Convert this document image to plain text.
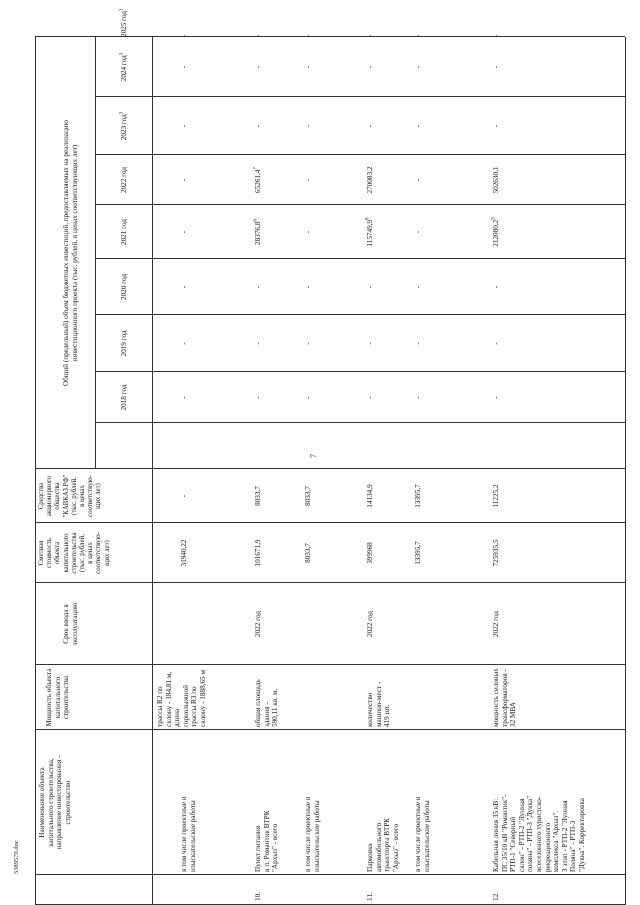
Наименование объекта
капитального строительства,
направление инвестирования -
строительство
Мощность объекта
капитального
строительства
Срок ввода в
эксплуатацию
Сметная
стоимость
объекта
капитального
строительства
(тыс. рублей,
в ценах
соответствую-
щих лет)
Средства
акционерного
общества
"КАВКАЗ.РФ"
(тыс. рублей,
в ценах
соответствую-
щих лет)
Общий (предельный) объем бюджетных инвестиций, предоставляемых на реализацию
инвестиционного проекта (тыс. рублей, в ценах соответствующих лет)
2018 год
2019 год
2020 год
2021 год
2022 год
2023 год$^3$
2024 год$^3$
2025 год$^3$
трассы R2 по
склону - 184,81 м,
длина
горнолыжной
трассы R3 по
склону - 1888,65 м
в том числе проектные и
изыскательские работы
31940,22
-
-
-
-
-
-
-
-
-
10.
Пункт питания
в п. Романтик ВТРК
"Архыз" - всего
общая площадь
здания -
590,11 кв. м.
2022 год
101671,9
8033,7
-
-
-
28376,8$^6$
65261,4$^7$
-
-
-
в том числе проектные и
изыскательские работы
8033,7
8033,7
-
-
-
-
-
-
-
-
11.
Парковка
автомобильного
транспорта ВТРК
"Архыз" - всего
количество
машино-мест -
419 шт.
2022 год
399968
14134,9
-
-
-
115749,9$^8$
270083,2
-
-
-
в том числе проектные и
изыскательские работы
13395,7
13395,7
-
-
-
-
-
-
-
-
12.
Кабельная линия 35 кВ:
ПС 35/10 кВ "Романтик"-
РТП-1 "Северный
склон" - РТП-2 "Лунная
поляна" - РТП-3 "Дукка"
всесезонного туристско-
рекреационного
комплекса "Архыз".
3 этап - РТП-2 "Лунная
Поляна" - РТП-3
"Дукка". Корректировка
мощность силовых
трансформаторов -
32 МВА
2022 год
725935,5
11225,2
-
-
-
212080,2$^9$
502630,1
-
-
-
7
5389570.doc
